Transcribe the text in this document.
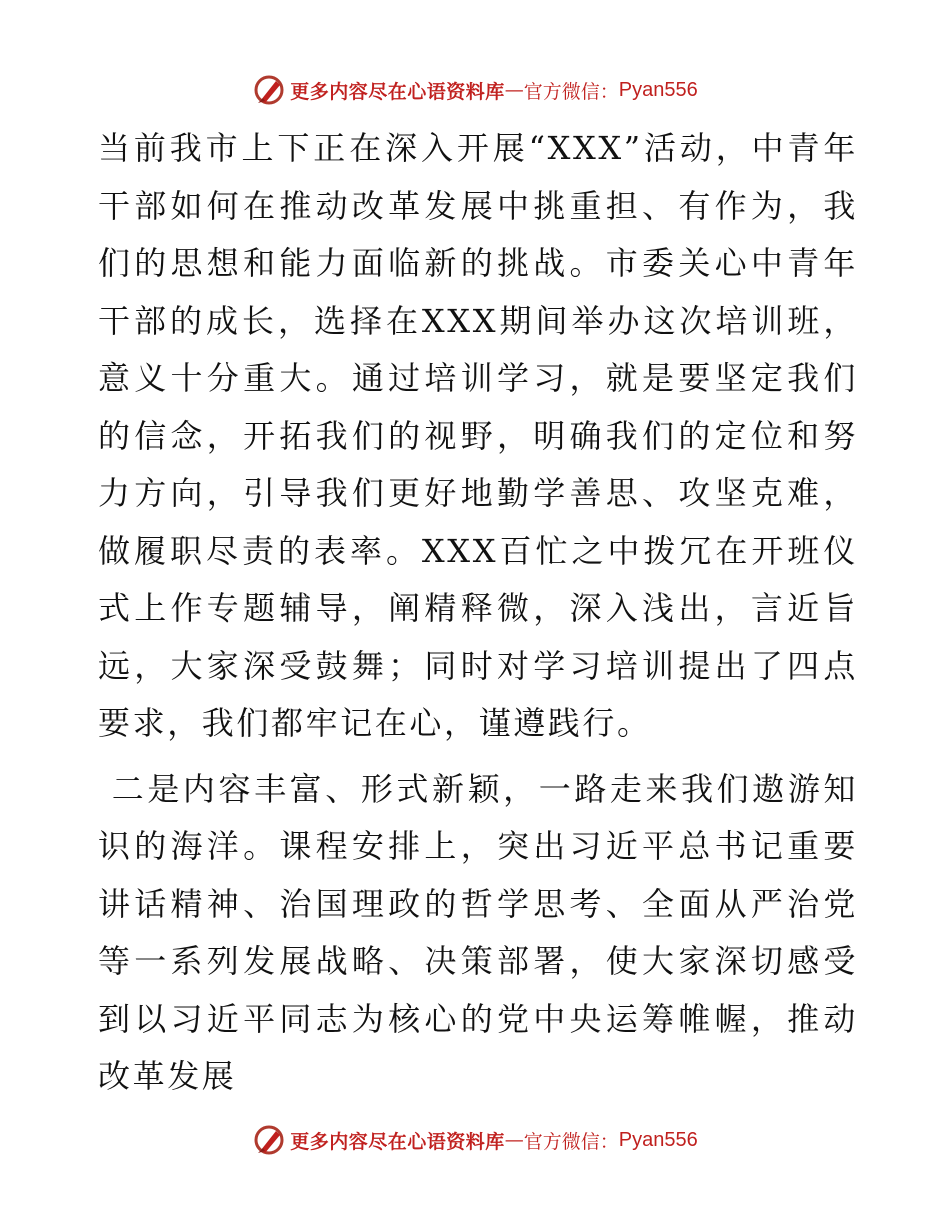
更多内容尽在心语资料库 — 官方微信： Pyan556

当前我市上下正在深入开展“XXX”活动，中青年干部如何在推动改革发展中挑重担、有作为，我们的思想和能力面临新的挑战。市委关心中青年干部的成长，选择在XXX期间举办这次培训班，意义十分重大。通过培训学习，就是要坚定我们的信念，开拓我们的视野，明确我们的定位和努力方向，引导我们更好地勤学善思、攻坚克难，做履职尽责的表率。XXX百忙之中拨冗在开班仪式上作专题辅导，阐精释微，深入浅出，言近旨远，大家深受鼓舞；同时对学习培训提出了四点要求，我们都牢记在心，谨遵践行。

二是内容丰富、形式新颖，一路走来我们遨游知识的海洋。课程安排上，突出习近平总书记重要讲话精神、治国理政的哲学思考、全面从严治党等一系列发展战略、决策部署，使大家深切感受到以习近平同志为核心的党中央运筹帷幄，推动改革发展

更多内容尽在心语资料库 — 官方微信： Pyan556
